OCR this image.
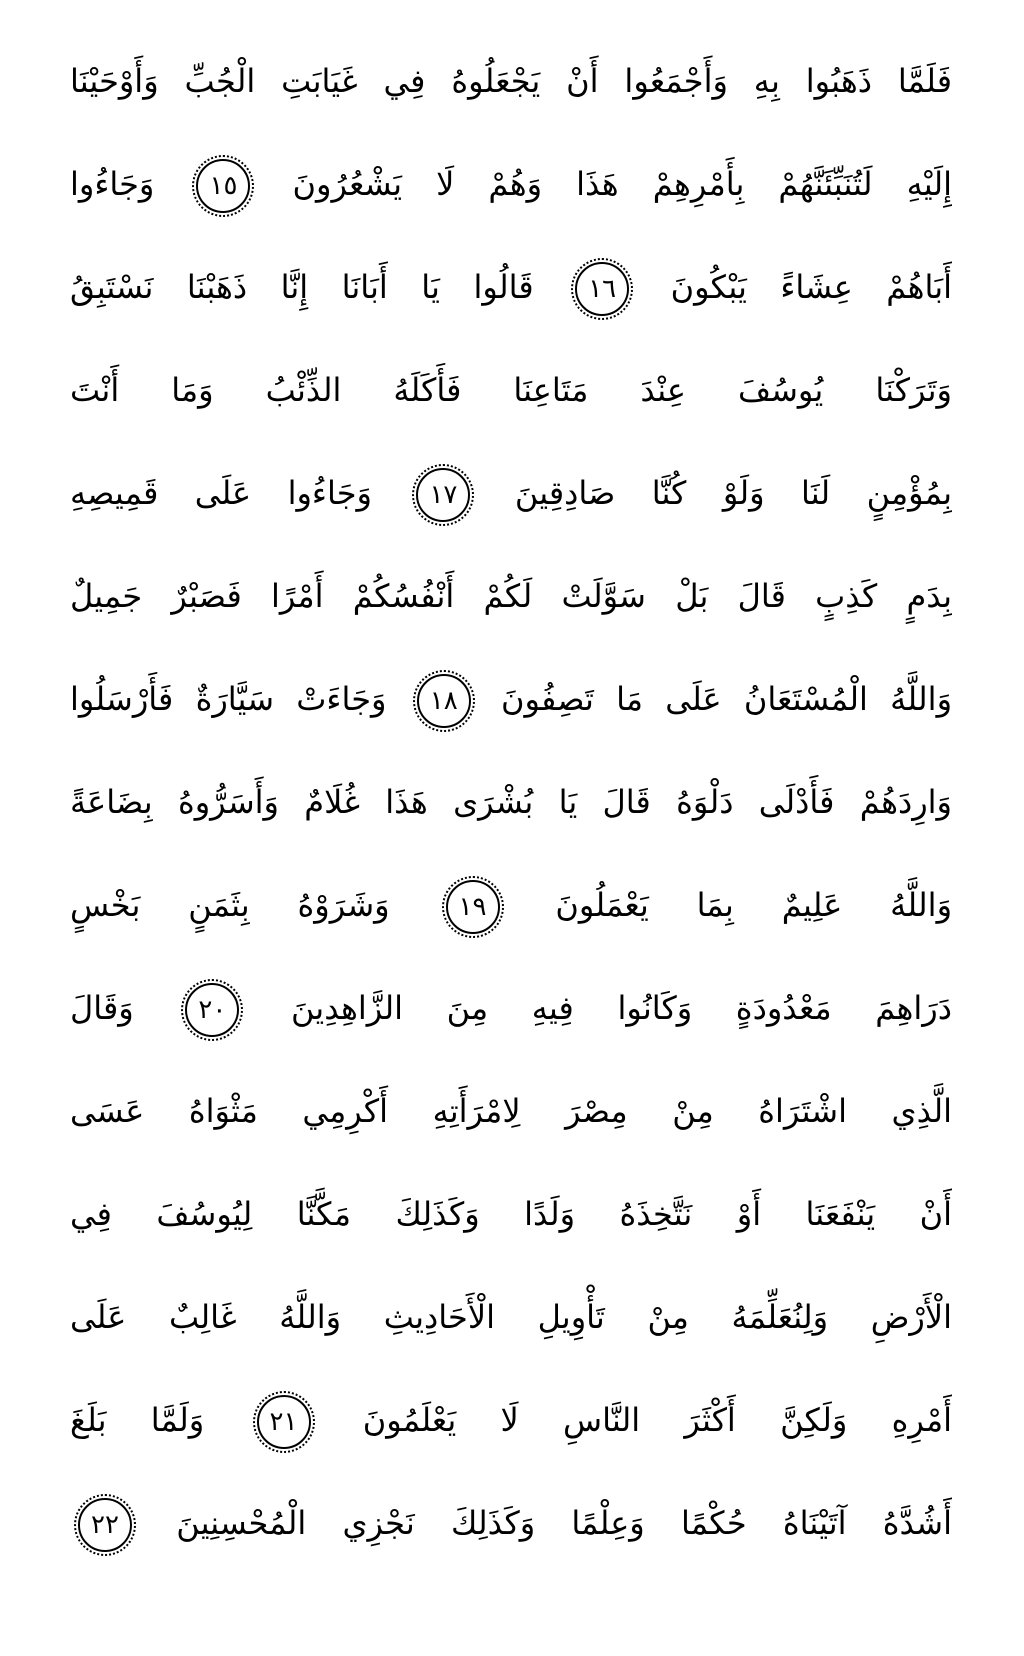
فَلَمَّا ذَهَبُوا بِهِ وَأَجْمَعُوا أَنْ يَجْعَلُوهُ فِي غَيَابَتِ الْجُبِّ وَأَوْحَيْنَا
إِلَيْهِ لَتُنَبِّئَنَّهُمْ بِأَمْرِهِمْ هَذَا وَهُمْ لَا يَشْعُرُونَ
١٥
وَجَاءُوا
أَبَاهُمْ عِشَاءً يَبْكُونَ
١٦
قَالُوا يَا أَبَانَا إِنَّا ذَهَبْنَا نَسْتَبِقُ
وَتَرَكْنَا يُوسُفَ عِنْدَ مَتَاعِنَا فَأَكَلَهُ الذِّئْبُ وَمَا أَنْتَ
بِمُؤْمِنٍ لَنَا وَلَوْ كُنَّا صَادِقِينَ
١٧
وَجَاءُوا عَلَى قَمِيصِهِ
بِدَمٍ كَذِبٍ قَالَ بَلْ سَوَّلَتْ لَكُمْ أَنْفُسُكُمْ أَمْرًا فَصَبْرٌ جَمِيلٌ
وَاللَّهُ الْمُسْتَعَانُ عَلَى مَا تَصِفُونَ
١٨
وَجَاءَتْ سَيَّارَةٌ فَأَرْسَلُوا
وَارِدَهُمْ فَأَدْلَى دَلْوَهُ قَالَ يَا بُشْرَى هَذَا غُلَامٌ وَأَسَرُّوهُ بِضَاعَةً
وَاللَّهُ عَلِيمٌ بِمَا يَعْمَلُونَ
١٩
وَشَرَوْهُ بِثَمَنٍ بَخْسٍ
دَرَاهِمَ مَعْدُودَةٍ وَكَانُوا فِيهِ مِنَ الزَّاهِدِينَ
٢٠
وَقَالَ
الَّذِي اشْتَرَاهُ مِنْ مِصْرَ لِامْرَأَتِهِ أَكْرِمِي مَثْوَاهُ عَسَى
أَنْ يَنْفَعَنَا أَوْ نَتَّخِذَهُ وَلَدًا وَكَذَلِكَ مَكَّنَّا لِيُوسُفَ فِي
الْأَرْضِ وَلِنُعَلِّمَهُ مِنْ تَأْوِيلِ الْأَحَادِيثِ وَاللَّهُ غَالِبٌ عَلَى
أَمْرِهِ وَلَكِنَّ أَكْثَرَ النَّاسِ لَا يَعْلَمُونَ
٢١
وَلَمَّا بَلَغَ
أَشُدَّهُ آتَيْنَاهُ حُكْمًا وَعِلْمًا وَكَذَلِكَ نَجْزِي الْمُحْسِنِينَ
٢٢
